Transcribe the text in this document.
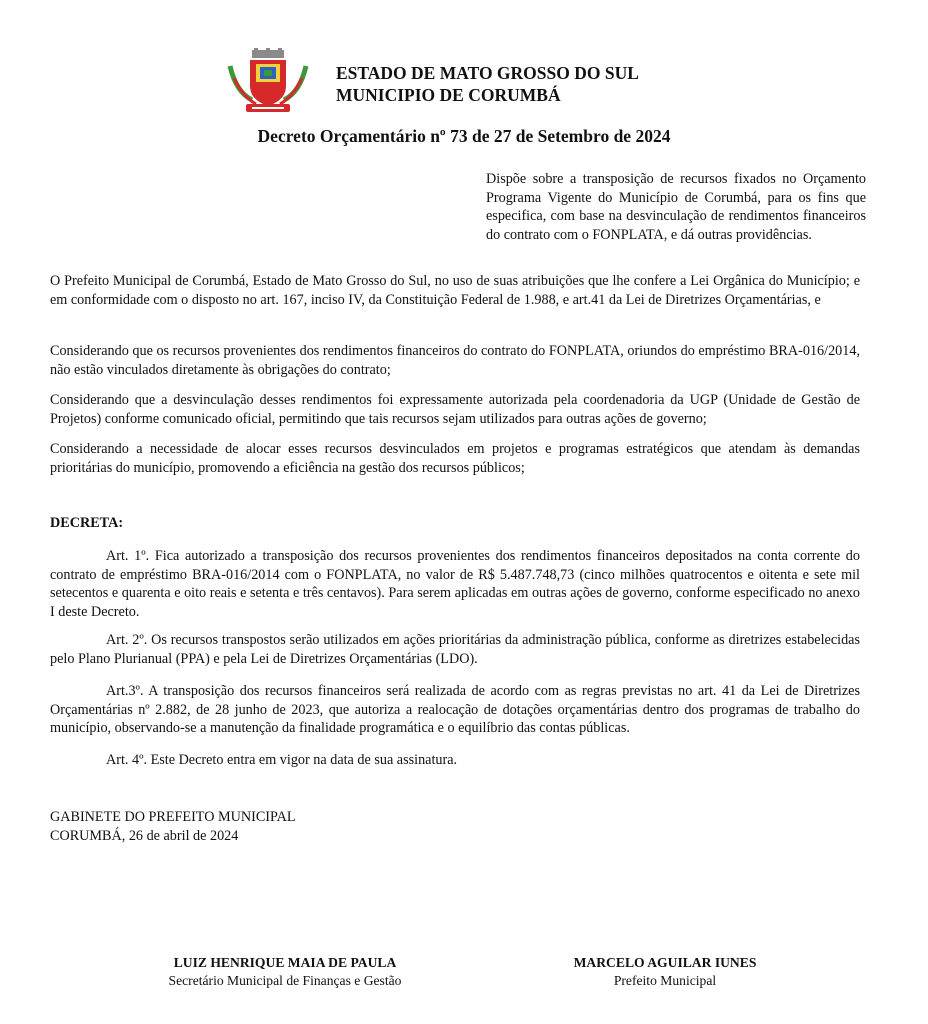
ESTADO DE MATO GROSSO DO SUL
MUNICIPIO DE CORUMBÁ
Decreto Orçamentário nº 73 de 27 de Setembro de 2024
Dispõe sobre a transposição de recursos fixados no Orçamento Programa Vigente do Município de Corumbá, para os fins que especifica, com base na desvinculação de rendimentos financeiros do contrato com o FONPLATA, e dá outras providências.
O Prefeito Municipal de Corumbá, Estado de Mato Grosso do Sul, no uso de suas atribuições que lhe confere a Lei Orgânica do Município; e em conformidade com o disposto no art. 167, inciso IV, da Constituição Federal de 1.988, e art.41 da Lei de Diretrizes Orçamentárias, e
Considerando que os recursos provenientes dos rendimentos financeiros do contrato do FONPLATA, oriundos do empréstimo BRA-016/2014, não estão vinculados diretamente às obrigações do contrato;
Considerando que a desvinculação desses rendimentos foi expressamente autorizada pela coordenadoria da UGP (Unidade de Gestão de Projetos) conforme comunicado oficial, permitindo que tais recursos sejam utilizados para outras ações de governo;
Considerando a necessidade de alocar esses recursos desvinculados em projetos e programas estratégicos que atendam às demandas prioritárias do município, promovendo a eficiência na gestão dos recursos públicos;
DECRETA:
Art. 1º. Fica autorizado a transposição dos recursos provenientes dos rendimentos financeiros depositados na conta corrente do contrato de empréstimo BRA-016/2014 com o FONPLATA, no valor de R$ 5.487.748,73 (cinco milhões quatrocentos e oitenta e sete mil setecentos e quarenta e oito reais e setenta e três centavos). Para serem aplicadas em outras ações de governo, conforme especificado no anexo I deste Decreto.
Art. 2º. Os recursos transpostos serão utilizados em ações prioritárias da administração pública, conforme as diretrizes estabelecidas pelo Plano Plurianual (PPA) e pela Lei de Diretrizes Orçamentárias (LDO).
Art.3º. A transposição dos recursos financeiros será realizada de acordo com as regras previstas no art. 41 da Lei de Diretrizes Orçamentárias nº 2.882, de 28 junho de 2023, que autoriza a realocação de dotações orçamentárias dentro dos programas de trabalho do município, observando-se a manutenção da finalidade programática e o equilíbrio das contas públicas.
Art. 4º. Este Decreto entra em vigor na data de sua assinatura.
GABINETE DO PREFEITO MUNICIPAL
CORUMBÁ, 26 de abril de 2024
LUIZ HENRIQUE MAIA DE PAULA
Secretário Municipal de Finanças e Gestão
MARCELO AGUILAR IUNES
Prefeito Municipal
